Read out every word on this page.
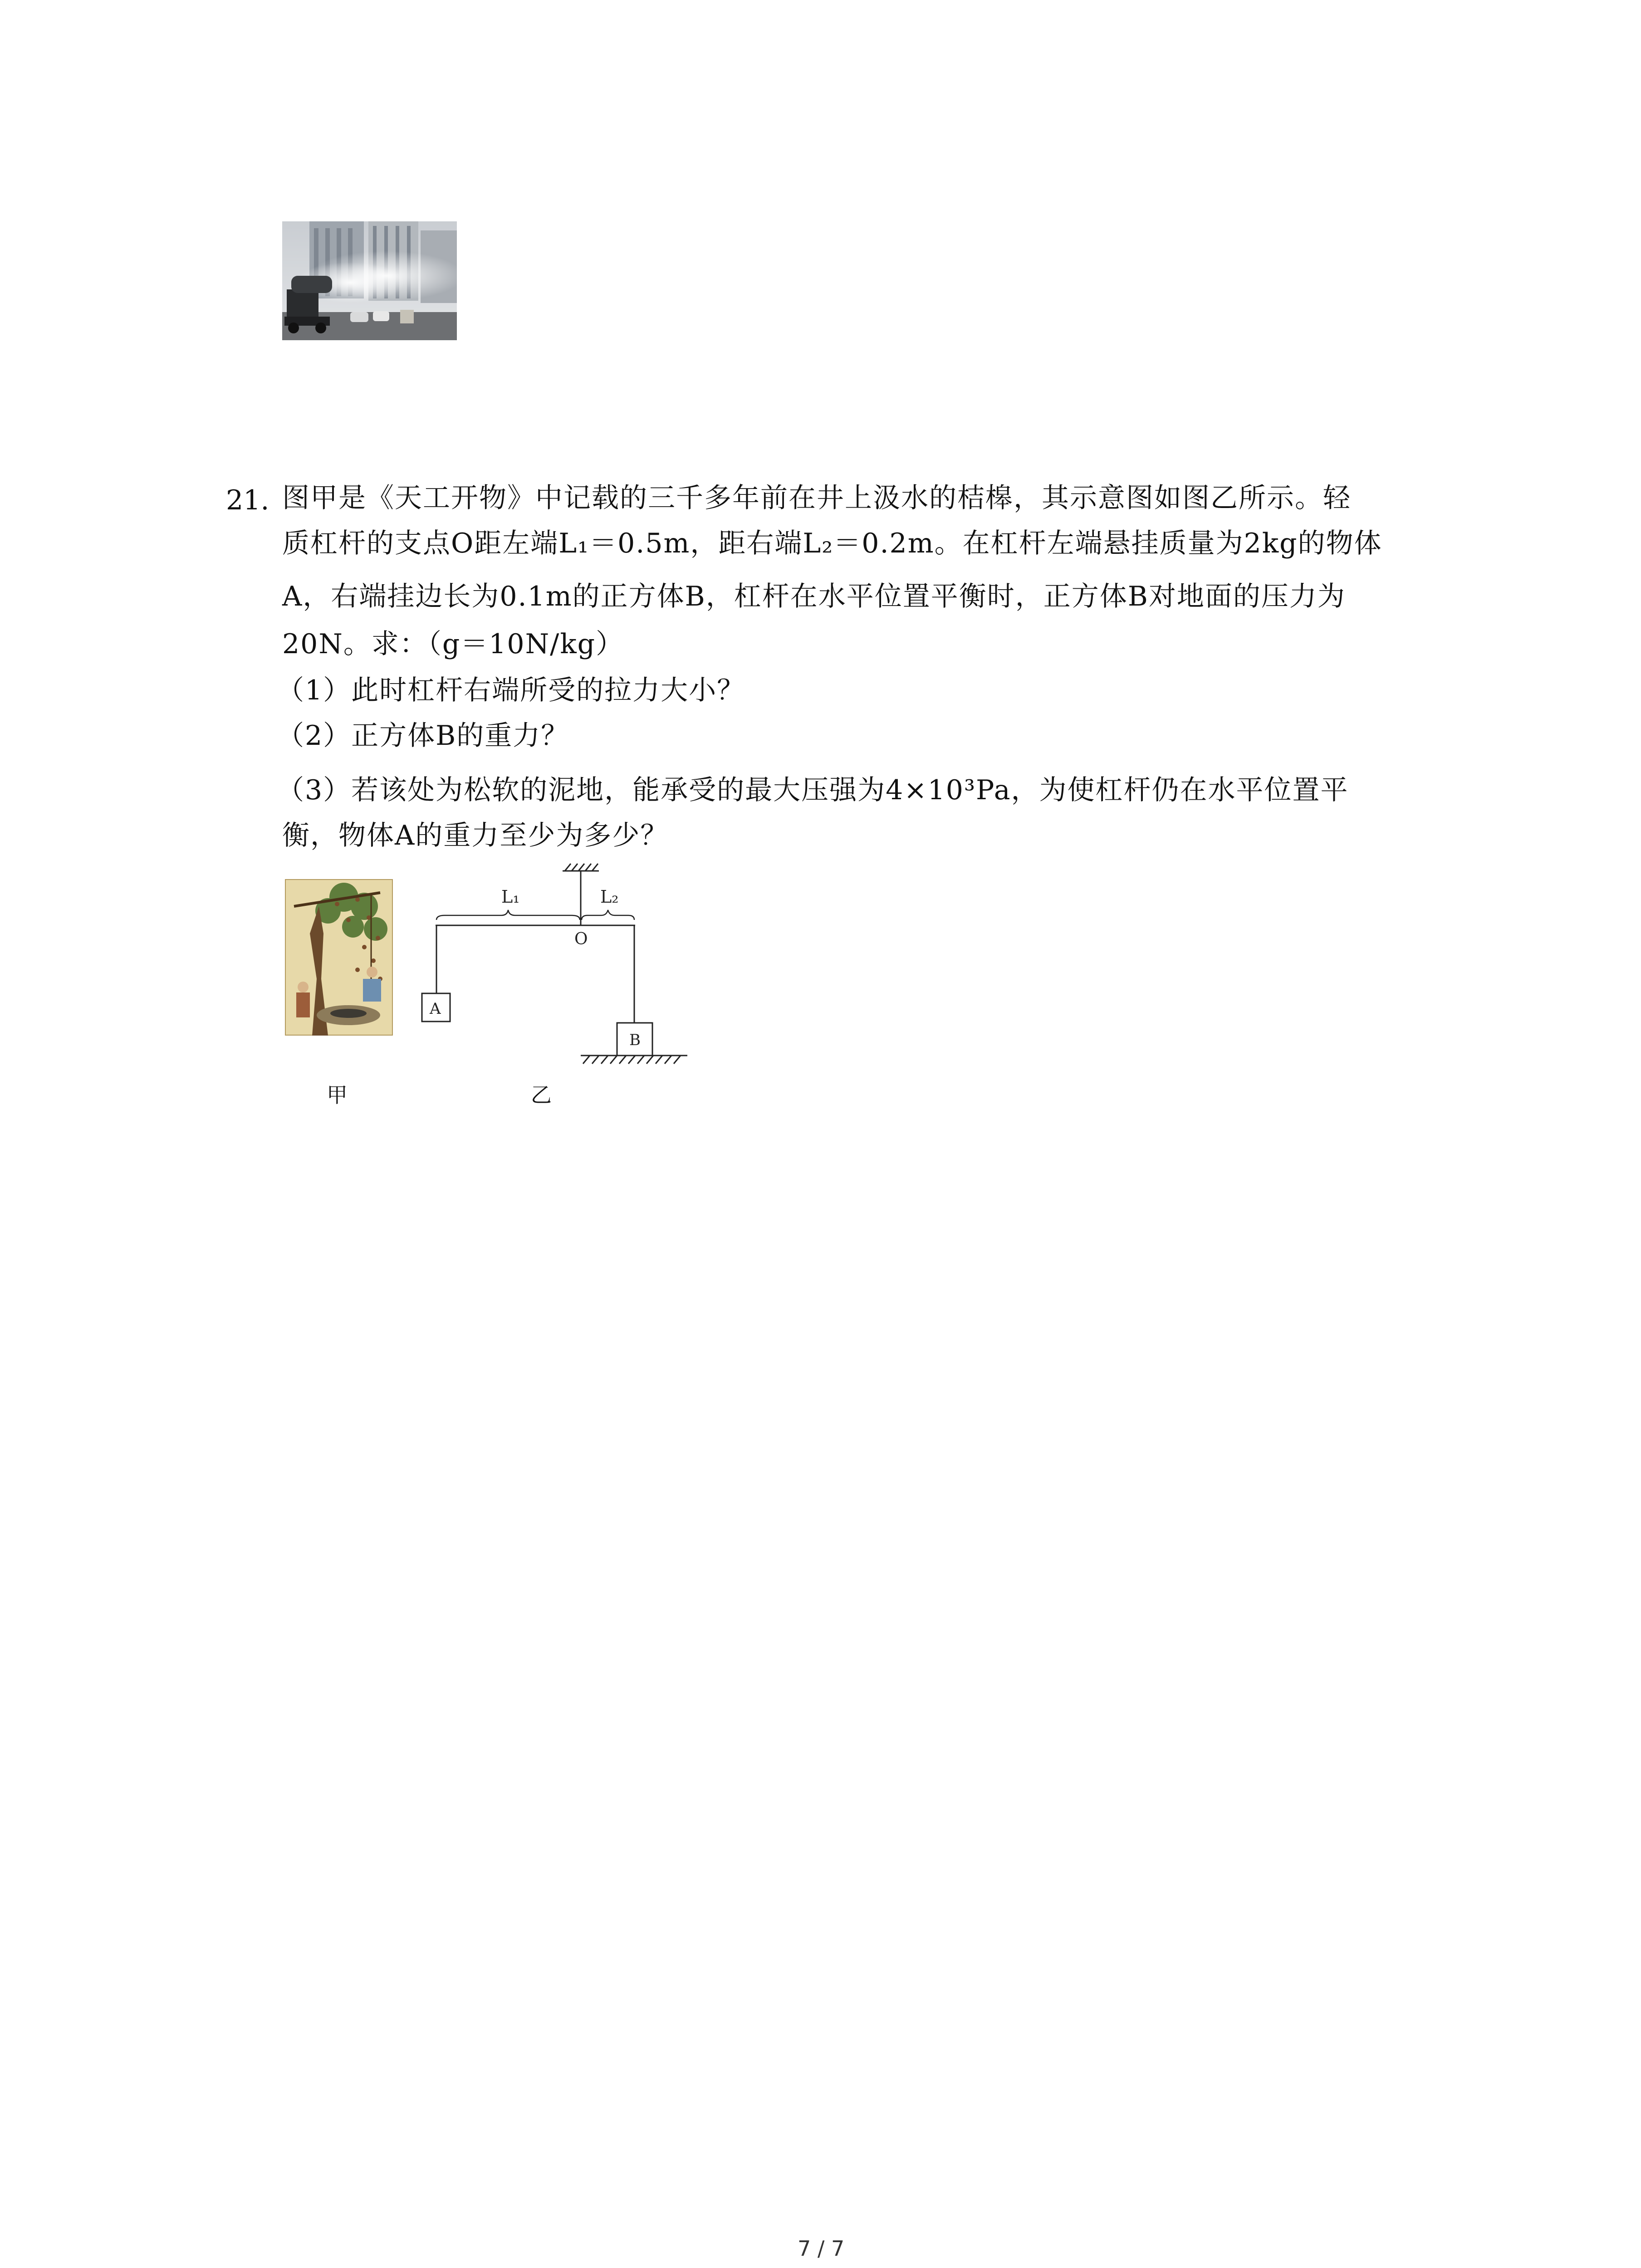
21. 图甲是《天工开物》中记载的三千多年前在井上汲水的桔槔，其示意图如图乙所示。轻
质杠杆的支点O距左端L₁＝0.5m，距右端L₂＝0.2m。在杠杆左端悬挂质量为2kg的物体
A，右端挂边长为0.1m的正方体B，杠杆在水平位置平衡时，正方体B对地面的压力为
20N。求：（g＝10N/kg）
（1）此时杠杆右端所受的拉力大小？
（2）正方体B的重力？
（3）若该处为松软的泥地，能承受的最大压强为4×10³Pa，为使杠杆仍在水平位置平
衡，物体A的重力至少为多少？
L₁	L₂
O
A
B
甲	乙
7 / 7
